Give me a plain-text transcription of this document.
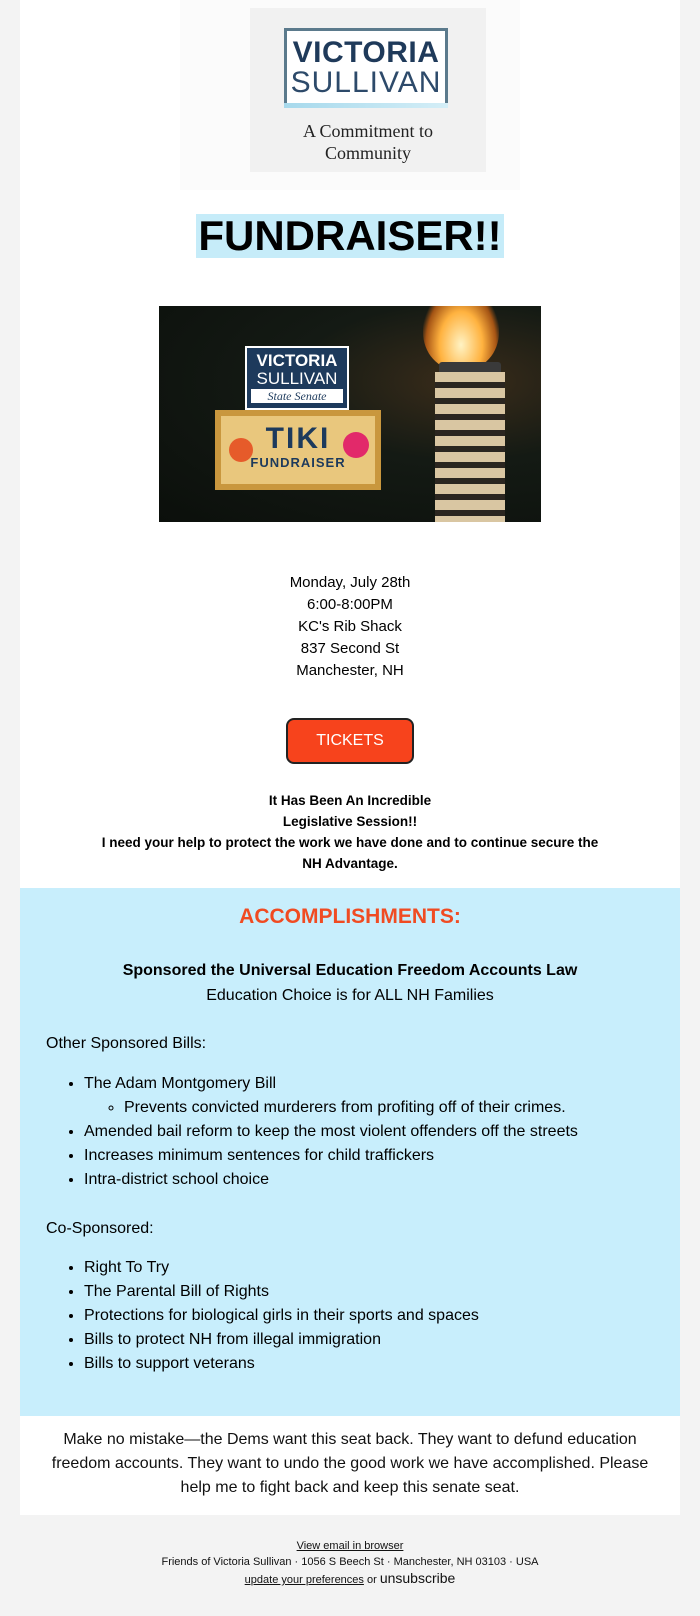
VICTORIA
SULLIVAN
A Commitment to
Community
FUNDRAISER!!
VICTORIA
SULLIVAN
State Senate
TIKI
FUNDRAISER
Monday, July 28th
6:00-8:00PM
KC's Rib Shack
837 Second St
Manchester, NH
TICKETS
It Has Been An Incredible
Legislative Session!!
I need your help to protect the work we have done and to continue secure the
NH Advantage.
ACCOMPLISHMENTS:
Sponsored the Universal Education Freedom Accounts Law
Education Choice is for ALL NH Families
Other Sponsored Bills:
• The Adam Montgomery Bill
◦ Prevents convicted murderers from profiting off of their crimes.
• Amended bail reform to keep the most violent offenders off the streets
• Increases minimum sentences for child traffickers
• Intra-district school choice
Co-Sponsored:
• Right To Try
• The Parental Bill of Rights
• Protections for biological girls in their sports and spaces
• Bills to protect NH from illegal immigration
• Bills to support veterans
Make no mistake—the Dems want this seat back. They want to defund education freedom accounts. They want to undo the good work we have accomplished. Please help me to fight back and keep this senate seat.
View email in browser
Friends of Victoria Sullivan · 1056 S Beech St · Manchester, NH 03103 · USA
update your preferences or unsubscribe
